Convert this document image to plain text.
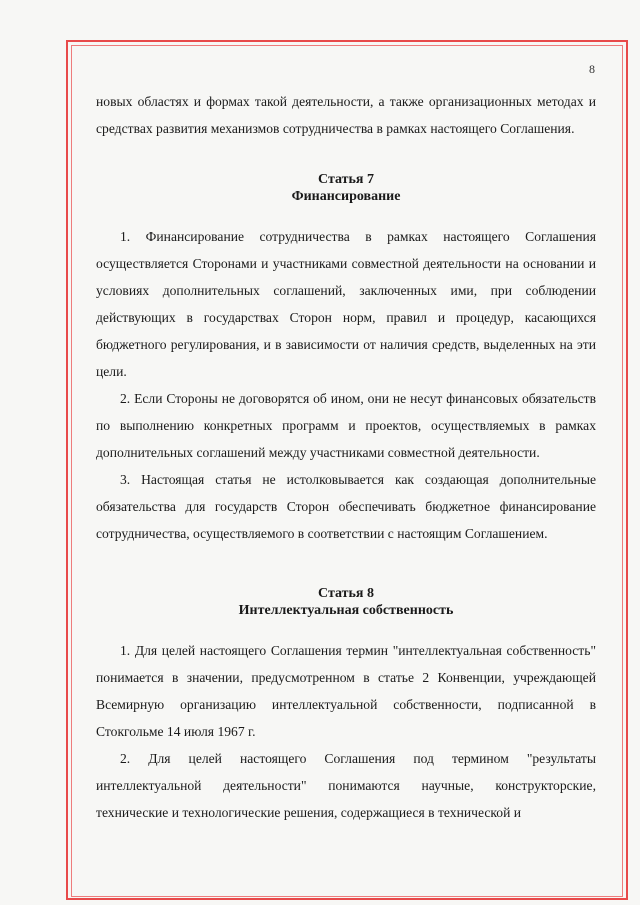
8

новых областях и формах такой деятельности, а также организационных методах и средствах развития механизмов сотрудничества в рамках настоящего Соглашения.

Статья 7

Финансирование

1. Финансирование сотрудничества в рамках настоящего Соглашения осуществляется Сторонами и участниками совместной деятельности на основании и условиях дополнительных соглашений, заключенных ими, при соблюдении действующих в государствах Сторон норм, правил и процедур, касающихся бюджетного регулирования, и в зависимости от наличия средств, выделенных на эти цели.

2. Если Стороны не договорятся об ином, они не несут финансовых обязательств по выполнению конкретных программ и проектов, осуществляемых в рамках дополнительных соглашений между участниками совместной деятельности.

3. Настоящая статья не истолковывается как создающая дополнительные обязательства для государств Сторон обеспечивать бюджетное финансирование сотрудничества, осуществляемого в соответствии с настоящим Соглашением.

Статья 8

Интеллектуальная собственность

1. Для целей настоящего Соглашения термин "интеллектуальная собственность" понимается в значении, предусмотренном в статье 2 Конвенции, учреждающей Всемирную организацию интеллектуальной собственности, подписанной в Стокгольме 14 июля 1967 г.

2. Для целей настоящего Соглашения под термином "результаты интеллектуальной деятельности" понимаются научные, конструкторские, технические и технологические решения, содержащиеся в технической и
